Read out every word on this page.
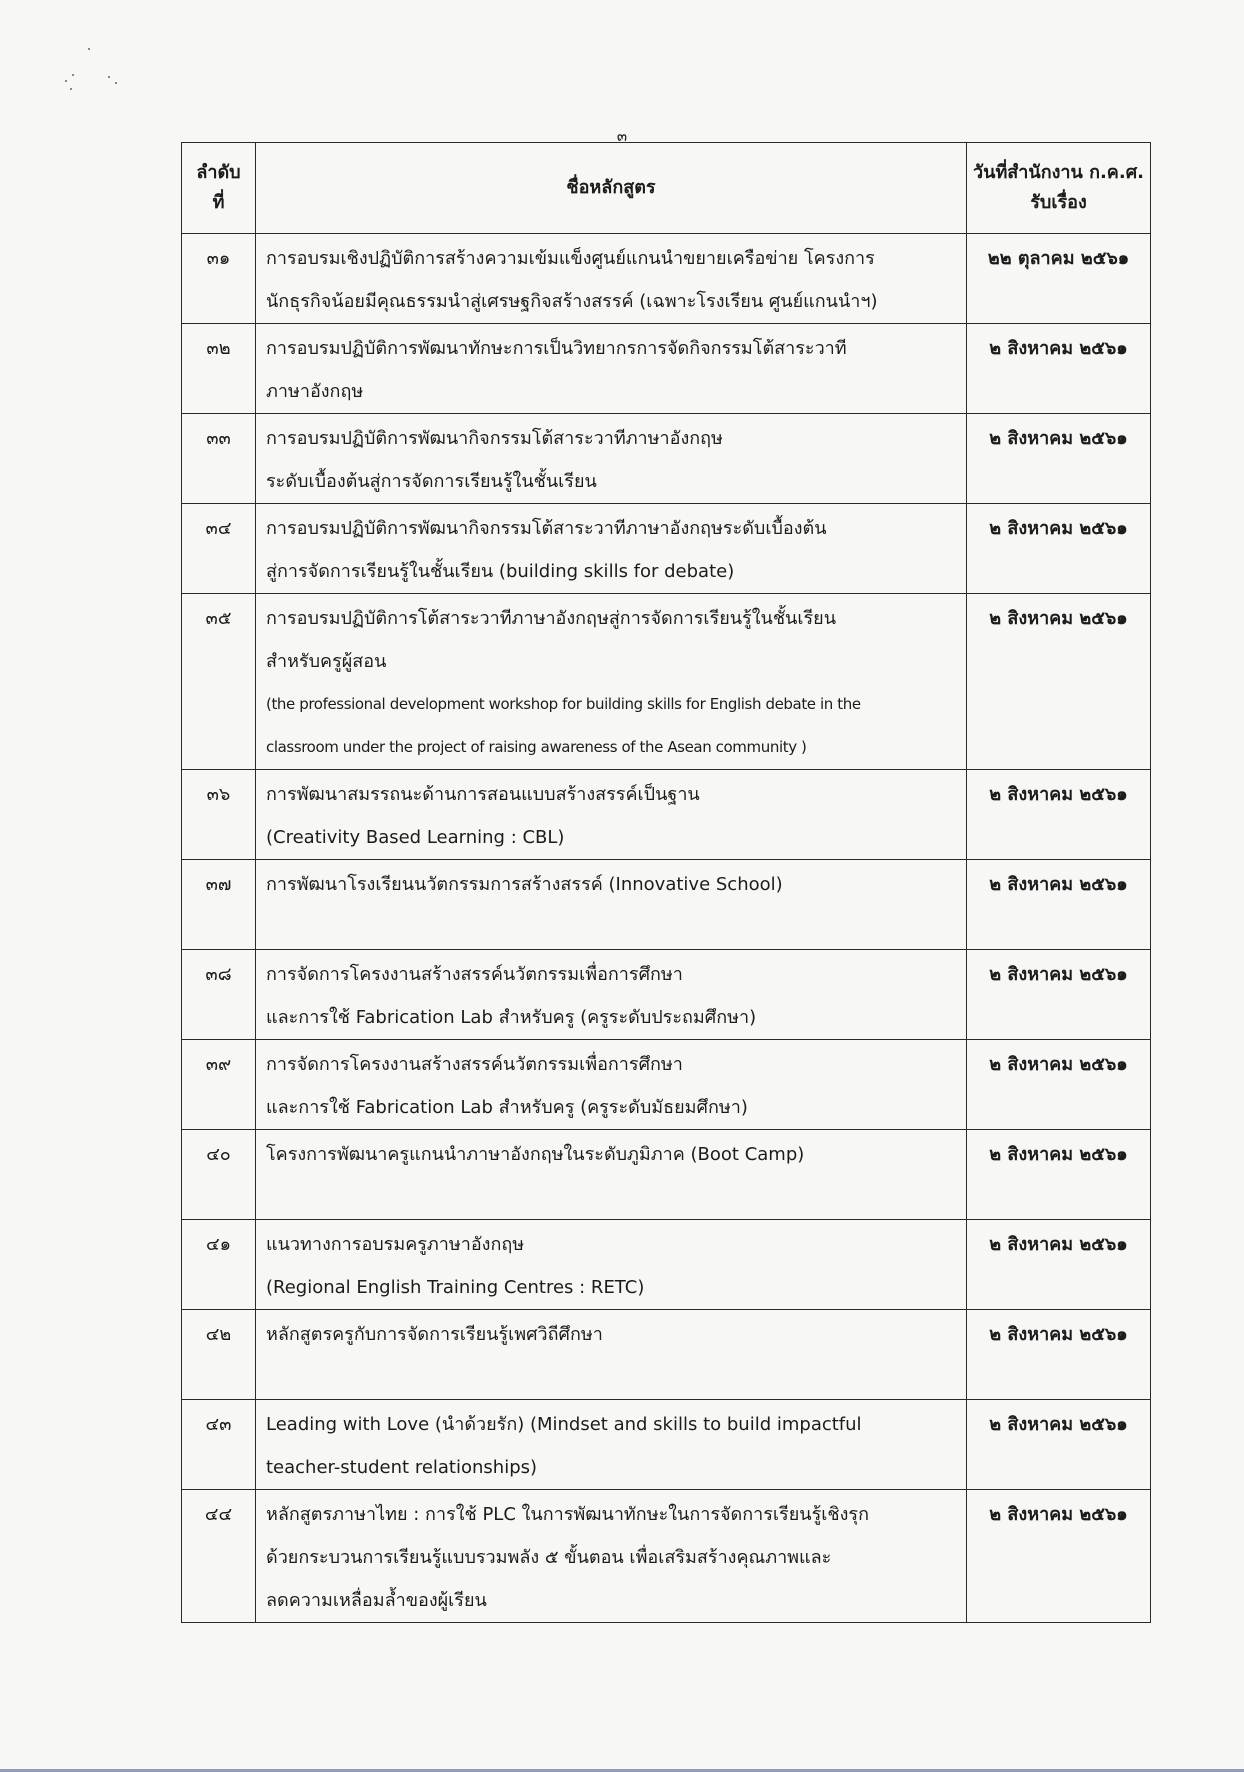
๓
ลำดับ
ที่	ชื่อหลักสูตร	วันที่สำนักงาน ก.ค.ศ.
รับเรื่อง
๓๑	การอบรมเชิงปฏิบัติการสร้างความเข้มแข็งศูนย์แกนนำขยายเครือข่าย โครงการ
นักธุรกิจน้อยมีคุณธรรมนำสู่เศรษฐกิจสร้างสรรค์ (เฉพาะโรงเรียน ศูนย์แกนนำฯ)	๒๒ ตุลาคม ๒๕๖๑
๓๒	การอบรมปฏิบัติการพัฒนาทักษะการเป็นวิทยากรการจัดกิจกรรมโต้สาระวาที
ภาษาอังกฤษ	๒ สิงหาคม ๒๕๖๑
๓๓	การอบรมปฏิบัติการพัฒนากิจกรรมโต้สาระวาทีภาษาอังกฤษ
ระดับเบื้องต้นสู่การจัดการเรียนรู้ในชั้นเรียน	๒ สิงหาคม ๒๕๖๑
๓๔	การอบรมปฏิบัติการพัฒนากิจกรรมโต้สาระวาทีภาษาอังกฤษระดับเบื้องต้น
สู่การจัดการเรียนรู้ในชั้นเรียน (building skills for debate)	๒ สิงหาคม ๒๕๖๑
๓๕	การอบรมปฏิบัติการโต้สาระวาทีภาษาอังกฤษสู่การจัดการเรียนรู้ในชั้นเรียน
สำหรับครูผู้สอน
(the professional development workshop for building skills for English debate in the
classroom under the project of raising awareness of the Asean community )	๒ สิงหาคม ๒๕๖๑
๓๖	การพัฒนาสมรรถนะด้านการสอนแบบสร้างสรรค์เป็นฐาน
(Creativity Based Learning : CBL)	๒ สิงหาคม ๒๕๖๑
๓๗	การพัฒนาโรงเรียนนวัตกรรมการสร้างสรรค์ (Innovative School)	๒ สิงหาคม ๒๕๖๑
๓๘	การจัดการโครงงานสร้างสรรค์นวัตกรรมเพื่อการศึกษา
และการใช้ Fabrication Lab สำหรับครู (ครูระดับประถมศึกษา)	๒ สิงหาคม ๒๕๖๑
๓๙	การจัดการโครงงานสร้างสรรค์นวัตกรรมเพื่อการศึกษา
และการใช้ Fabrication Lab สำหรับครู (ครูระดับมัธยมศึกษา)	๒ สิงหาคม ๒๕๖๑
๔๐	โครงการพัฒนาครูแกนนำภาษาอังกฤษในระดับภูมิภาค (Boot Camp)	๒ สิงหาคม ๒๕๖๑
๔๑	แนวทางการอบรมครูภาษาอังกฤษ
(Regional English Training Centres : RETC)	๒ สิงหาคม ๒๕๖๑
๔๒	หลักสูตรครูกับการจัดการเรียนรู้เพศวิถีศึกษา	๒ สิงหาคม ๒๕๖๑
๔๓	Leading with Love (นำด้วยรัก) (Mindset and skills to build impactful
teacher-student relationships)	๒ สิงหาคม ๒๕๖๑
๔๔	หลักสูตรภาษาไทย : การใช้ PLC ในการพัฒนาทักษะในการจัดการเรียนรู้เชิงรุก
ด้วยกระบวนการเรียนรู้แบบรวมพลัง ๕ ขั้นตอน เพื่อเสริมสร้างคุณภาพและ
ลดความเหลื่อมล้ำของผู้เรียน	๒ สิงหาคม ๒๕๖๑
